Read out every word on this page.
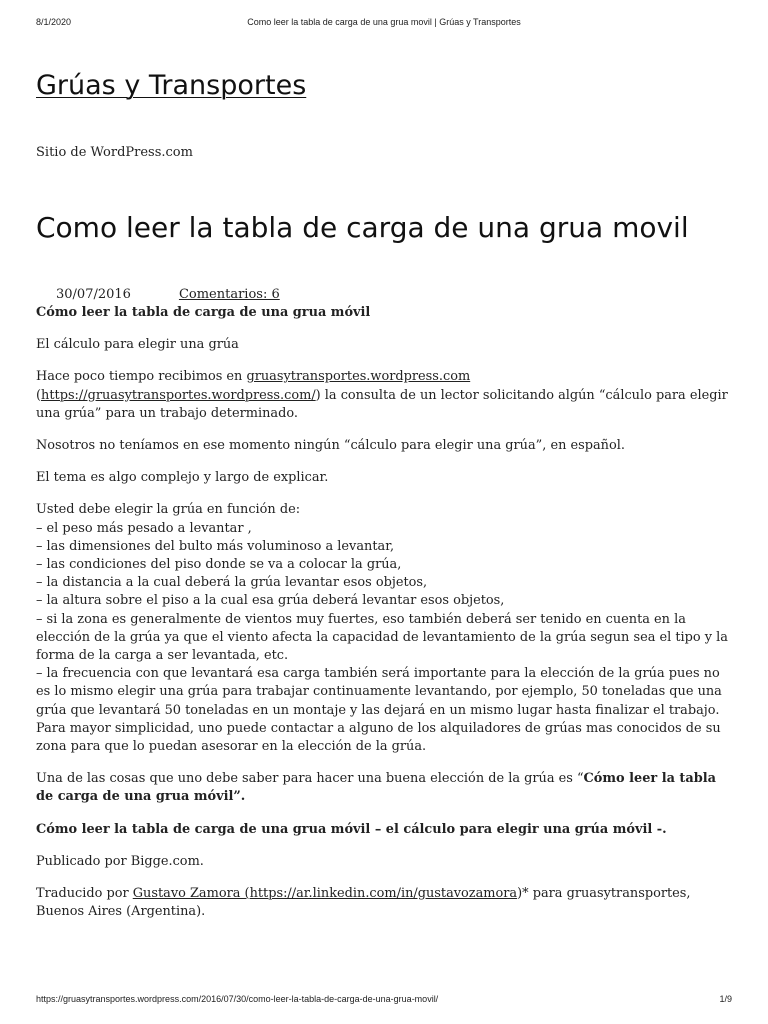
8/1/2020	Como leer la tabla de carga de una grua movil | Grúas y Transportes
Grúas y Transportes
Sitio de WordPress.com
Como leer la tabla de carga de una grua movil
30/07/2016	Comentarios: 6

Cómo leer la tabla de carga de una grua móvil

El cálculo para elegir una grúa

Hace poco tiempo recibimos en gruasytransportes.wordpress.com (https://gruasytransportes.wordpress.com/) la consulta de un lector solicitando algún “cálculo para elegir una grúa” para un trabajo determinado.

Nosotros no teníamos en ese momento ningún “cálculo para elegir una grúa”, en español.

El tema es algo complejo y largo de explicar.

Usted debe elegir la grúa en función de:
– el peso más pesado a levantar ,
– las dimensiones del bulto más voluminoso a levantar,
– las condiciones del piso donde se va a colocar la grúa,
– la distancia a la cual deberá la grúa levantar esos objetos,
– la altura sobre el piso a la cual esa grúa deberá levantar esos objetos,
– si la zona es generalmente de vientos muy fuertes, eso también deberá ser tenido en cuenta en la elección de la grúa ya que el viento afecta la capacidad de levantamiento de la grúa segun sea el tipo y la forma de la carga a ser levantada, etc.
– la frecuencia con que levantará esa carga también será importante para la elección de la grúa pues no es lo mismo elegir una grúa para trabajar continuamente levantando, por ejemplo, 50 toneladas que una grúa que levantará 50 toneladas en un montaje y las dejará en un mismo lugar hasta finalizar el trabajo.
Para mayor simplicidad, uno puede contactar a alguno de los alquiladores de grúas mas conocidos de su zona para que lo puedan asesorar en la elección de la grúa.

Una de las cosas que uno debe saber para hacer una buena elección de la grúa es “Cómo leer la tabla de carga de una grua móvil”.

Cómo leer la tabla de carga de una grua móvil – el cálculo para elegir una grúa móvil -.

Publicado por Bigge.com.

Traducido por Gustavo Zamora (https://ar.linkedin.com/in/gustavozamora)* para gruasytransportes, Buenos Aires (Argentina).

https://gruasytransportes.wordpress.com/2016/07/30/como-leer-la-tabla-de-carga-de-una-grua-movil/	1/9
